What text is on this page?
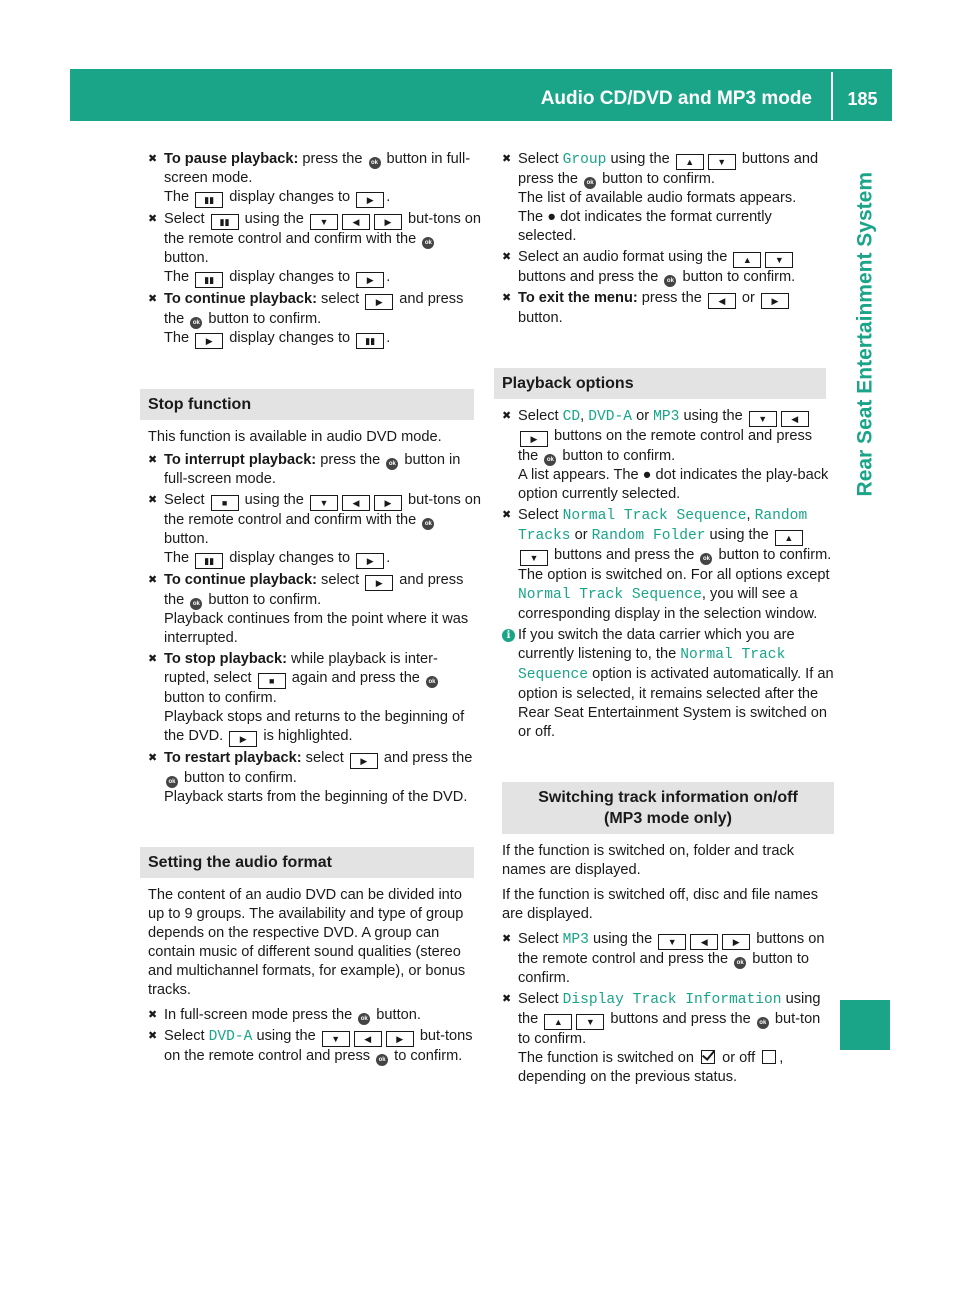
Audio CD/DVD and MP3 mode	185
Rear Seat Entertainment System
✖ To pause playback: press the ok button in full-screen mode.
The ▮▮ display changes to ▶ .
✖ Select ▮▮ using the ▼	◀	▶ but-tons on the remote control and confirm with the ok button.
The ▮▮ display changes to ▶ .
✖ To continue playback: select ▶ and press the ok button to confirm.
The ▶ display changes to ▮▮ .
Stop function

This function is available in audio DVD mode.

✖ To interrupt playback: press the ok button in full-screen mode.
✖ Select ■ using the ▼	◀	▶ but-tons on the remote control and confirm with the ok button.
The ▮▮ display changes to ▶ .
✖ To continue playback: select ▶ and press the ok button to confirm.
Playback continues from the point where it was interrupted.
✖ To stop playback: while playback is inter-rupted, select ■ again and press the ok button to confirm.
Playback stops and returns to the beginning of the DVD. ▶ is highlighted.
✖ To restart playback: select ▶ and press the ok button to confirm.
Playback starts from the beginning of the DVD.
Setting the audio format

The content of an audio DVD can be divided into up to 9 groups. The availability and type of group depends on the respective DVD. A group can contain music of different sound qualities (stereo and multichannel formats, for example), or bonus tracks.

✖ In full-screen mode press the ok button.
✖ Select DVD-A using the ▼	◀	▶ but-tons on the remote control and press ok to confirm.
✖ Select Group using the ▲	▼ buttons and press the ok button to confirm.
The list of available audio formats appears.
The ● dot indicates the format currently selected.
✖ Select an audio format using the ▲	▼ buttons and press the ok button to confirm.
✖ To exit the menu: press the ◀ or ▶ button.
Playback options
✖ Select CD, DVD-A or MP3 using the ▼	◀▶ buttons on the remote control and press the ok button to confirm.
A list appears. The ● dot indicates the play-back option currently selected.
✖ Select Normal Track Sequence, Random Tracks or Random Folder using the ▲▼ buttons and press the ok button to confirm.
The option is switched on. For all options except Normal Track Sequence, you will see a corresponding display in the selection window.
i If you switch the data carrier which you are currently listening to, the Normal Track Sequence option is activated automatically. If an option is selected, it remains selected after the Rear Seat Entertainment System is switched on or off.
Switching track information on/off
(MP3 mode only)

If the function is switched on, folder and track names are displayed.

If the function is switched off, disc and file names are displayed.

✖ Select MP3 using the ▼	◀	▶ buttons on the remote control and press the ok button to confirm.
✖ Select Display Track Information using the ▲	▼ buttons and press the ok but-ton to confirm.
The function is switched on  or off , depending on the previous status.
